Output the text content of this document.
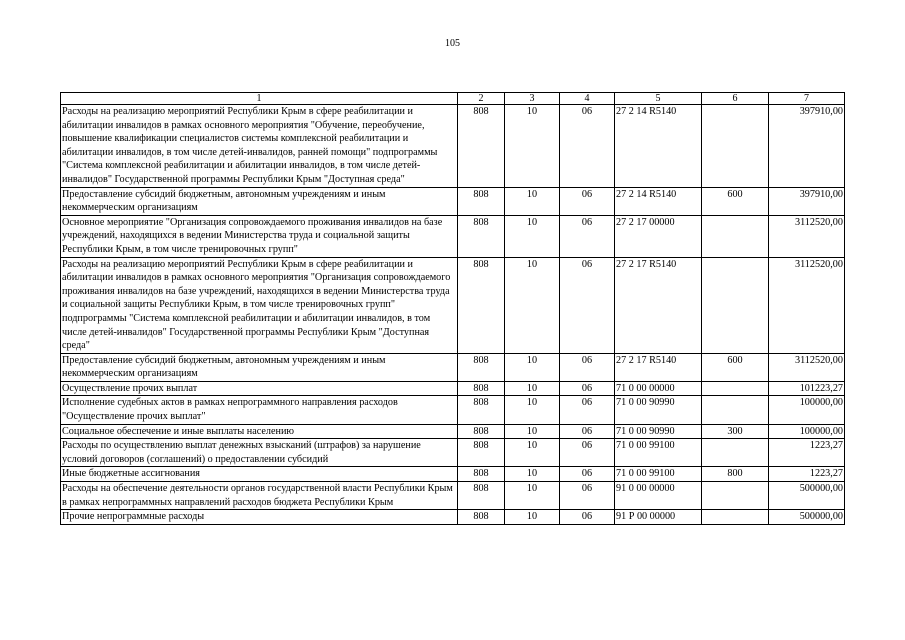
105
1	2	3	4	5	6	7
Расходы на реализацию мероприятий Республики Крым в сфере реабилитации и абилитации инвалидов в рамках основного мероприятия "Обучение, переобучение, повышение квалификации специалистов системы комплексной реабилитации и абилитации инвалидов, в том числе детей-инвалидов, ранней помощи" подпрограммы "Система комплексной реабилитации и абилитации инвалидов, в том числе детей-инвалидов" Государственной программы Республики Крым "Доступная среда"	808	10	06	27 2 14 R5140		397910,00
Предоставление субсидий бюджетным, автономным учреждениям и иным некоммерческим организациям	808	10	06	27 2 14 R5140	600	397910,00
Основное мероприятие "Организация сопровождаемого проживания инвалидов на базе учреждений, находящихся в ведении Министерства труда и социальной защиты Республики Крым, в том числе тренировочных групп"	808	10	06	27 2 17 00000		3112520,00
Расходы на реализацию мероприятий Республики Крым в сфере реабилитации и абилитации инвалидов в рамках основного мероприятия "Организация сопровождаемого проживания инвалидов на базе учреждений, находящихся в ведении Министерства труда и социальной защиты Республики Крым, в том числе тренировочных групп" подпрограммы "Система комплексной реабилитации и абилитации инвалидов, в том числе детей-инвалидов" Государственной программы Республики Крым "Доступная среда"	808	10	06	27 2 17 R5140		3112520,00
Предоставление субсидий бюджетным, автономным учреждениям и иным некоммерческим организациям	808	10	06	27 2 17 R5140	600	3112520,00
Осуществление прочих выплат	808	10	06	71 0 00 00000		101223,27
Исполнение судебных актов в рамках непрограммного направления расходов "Осуществление прочих выплат"	808	10	06	71 0 00 90990		100000,00
Социальное обеспечение и иные выплаты населению	808	10	06	71 0 00 90990	300	100000,00
Расходы по осуществлению выплат денежных взысканий (штрафов) за нарушение условий договоров (соглашений) о предоставлении субсидий	808	10	06	71 0 00 99100		1223,27
Иные бюджетные ассигнования	808	10	06	71 0 00 99100	800	1223,27
Расходы на обеспечение деятельности органов государственной власти Республики Крым в рамках непрограммных направлений расходов бюджета Республики Крым	808	10	06	91 0 00 00000		500000,00
Прочие непрограммные расходы	808	10	06	91 Р 00 00000		500000,00
